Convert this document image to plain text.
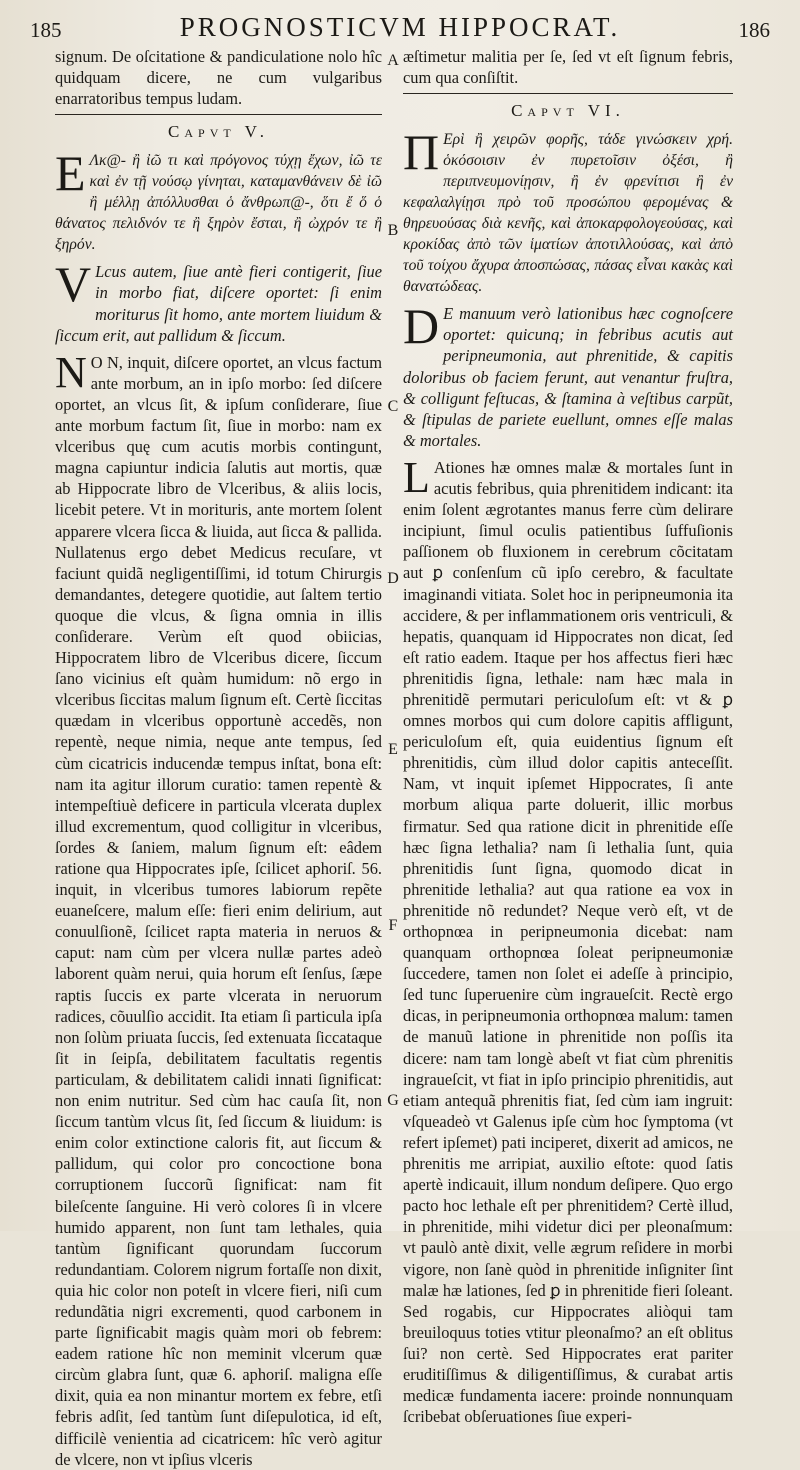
185	PROGNOSTICVM HIPPOCRAT.	186

signum. De oſcitatione & pandiculatione nolo hîc quidquam dicere, ne cum vulgaribus enarratoribus tempus ludam.

Capvt V.

E Λκ@- ἢ ἰῶ τι καὶ πρόγονος τύχῃ ἔχων, ἰῶ τε καὶ ἐν τῇ νούσῳ γίνηται, καταμανθάνειν δὲ ἰῶ ἢ μέλλῃ ἀπόλλυσθαι ὁ ἄνθρωπ@-, ὅτι ἔ ὅ ὁ θάνατος πελιδνόν τε ἢ ξηρὸν ἔσται, ἢ ὠχρόν τε ἢ ξηρόν.

V Lcus autem, ſiue antè fieri contigerit, ſiue in morbo fiat, diſcere oportet: ſi enim moriturus ſit homo, ante mortem liuidum & ſiccum erit, aut pallidum & ſiccum.

N O N, inquit, diſcere oportet, an vlcus factum ante morbum, an in ipſo morbo: ſed diſcere oportet, an vlcus ſit, & ipſum conſiderare, ſiue ante morbum factum ſit, ſiue in morbo: nam ex vlceribus quę cum acutis morbis contingunt, magna capiuntur indicia ſalutis aut mortis, quæ ab Hippocrate libro de Vlceribus, & aliis locis, licebit petere. Vt in morituris, ante mortem ſolent apparere vlcera ſicca & liuida, aut ſicca & pallida. Nullatenus ergo debet Medicus recuſare, vt faciunt quidã negligentiſſimi, id totum Chirurgis demandantes, detegere quotidie, aut ſaltem tertio quoque die vlcus, & ſigna omnia in illis conſiderare. Verùm eſt quod obiicias, Hippocratem libro de Vlceribus dicere, ſiccum ſano vicinius eſt quàm humidum: nõ ergo in vlceribus ſiccitas malum ſignum eſt. Certè ſiccitas quædam in vlceribus opportunè accedẽs, non repentè, neque nimia, neque ante tempus, ſed cùm cicatricis inducendæ tempus inſtat, bona eſt: nam ita agitur illorum curatio: tamen repentè & intempeſtiuè deficere in particula vlcerata duplex illud excrementum, quod colligitur in vlceribus, ſordes & ſaniem, malum ſignum eſt: eâdem ratione qua Hippocrates ipſe, ſcilicet aphoriſ. 56. inquit, in vlceribus tumores labiorum repẽte euaneſcere, malum eſſe: fieri enim delirium, aut conuulſionẽ, ſcilicet rapta materia in neruos & caput: nam cùm per vlcera nullæ partes adeò laborent quàm nerui, quia horum eſt ſenſus, ſæpe raptis ſuccis ex parte vlcerata in neruorum radices, cõuulſio accidit. Ita etiam ſi particula ipſa non ſolùm priuata ſuccis, ſed extenuata ſiccataque ſit in ſeipſa, debilitatem facultatis regentis particulam, & debilitatem calidi innati ſignificat: non enim nutritur. Sed cùm hac cauſa ſit, non ſiccum tantùm vlcus ſit, ſed ſiccum & liuidum: is enim color extinctione caloris fit, aut ſiccum & pallidum, qui color pro concoctione bona corruptionem ſuccorũ ſignificat: nam fit bileſcente ſanguine. Hi verò colores ſi in vlcere humido apparent, non ſunt tam lethales, quia tantùm ſignificant quorundam ſuccorum redundantiam. Colorem nigrum fortaſſe non dixit, quia hic color non poteſt in vlcere fieri, niſi cum redundãtia nigri excrementi, quod carbonem in parte ſignificabit magis quàm mori ob febrem: eadem ratione hîc non meminit vlcerum quæ circùm glabra ſunt, quæ 6. aphoriſ. maligna eſſe dixit, quia ea non minantur mortem ex febre, etſi febris adſit, ſed tantùm ſunt diſepulotica, id eſt, difficilè venientia ad cicatricem: hîc verò agitur de vlcere, non vt ipſius vlceris

æſtimetur malitia per ſe, ſed vt eſt ſignum febris, cum qua conſiſtit.

Capvt VI.

Π Ερὶ ἢ χειρῶν φορῆς, τάδε γινώσκειν χρή. ὁκόσοισιν ἐν πυρετοῖσιν ὀξέσι, ἢ περιπνευμονίῃσιν, ἢ ἐν φρενίτισι ἢ ἐν κεφαλαλγίῃσι πρὸ τοῦ προσώπου φερομένας & θηρευούσας διὰ κενῆς, καὶ ἀποκαρφολογεούσας, καὶ κροκίδας ἀπὸ τῶν ἱματίων ἀποτιλλούσας, καὶ ἀπὸ τοῦ τοίχου ἄχυρα ἀποσπώσας, πάσας εἶναι κακὰς καὶ θανατώδεας.

D E manuum verò lationibus hæc cognoſcere oportet: quicunq; in febribus acutis aut peripneumonia, aut phrenitide, & capitis doloribus ob faciem ferunt, aut venantur fruſtra, & colligunt feſtucas, & ſtamina à veſtibus carpũt, & ſtipulas de pariete euellunt, omnes eſſe malas & mortales.

L Ationes hæ omnes malæ & mortales ſunt in acutis febribus, quia phrenitidem indicant: ita enim ſolent ægrotantes manus ferre cùm delirare incipiunt, ſimul oculis patientibus ſuffuſionis paſſionem ob fluxionem in cerebrum cõcitatam aut ꝑ conſenſum cũ ipſo cerebro, & facultate imaginandi vitiata. Solet hoc in peripneumonia ita accidere, & per inflammationem oris ventriculi, & hepatis, quanquam id Hippocrates non dicat, ſed eſt ratio eadem. Itaque per hos affectus fieri hæc phrenitidis ſigna, lethale: nam hæc mala in phrenitidẽ permutari periculoſum eſt: vt & ꝑ omnes morbos qui cum dolore capitis affligunt, periculoſum eſt, quia euidentius ſignum eſt phrenitidis, cùm illud dolor capitis anteceſſit. Nam, vt inquit ipſemet Hippocrates, ſi ante morbum aliqua parte doluerit, illic morbus firmatur. Sed qua ratione dicit in phrenitide eſſe hæc ſigna lethalia? nam ſi lethalia ſunt, quia phrenitidis ſunt ſigna, quomodo dicat in phrenitide lethalia? aut qua ratione ea vox in phrenitide nõ redundet? Neque verò eſt, vt de orthopnœa in peripneumonia dicebat: nam quanquam orthopnœa ſoleat peripneumoniæ ſuccedere, tamen non ſolet ei adeſſe à principio, ſed tunc ſuperuenire cùm ingraueſcit. Rectè ergo dicas, in peripneumonia orthopnœa malum: tamen de manuũ latione in phrenitide non poſſis ita dicere: nam tam longè abeſt vt fiat cùm phrenitis ingraueſcit, vt fiat in ipſo principio phrenitidis, aut etiam antequã phrenitis fiat, ſed cùm iam ingruit: vſqueadeò vt Galenus ipſe cùm hoc ſymptoma (vt refert ipſemet) pati inciperet, dixerit ad amicos, ne phrenitis me arripiat, auxilio eſtote: quod ſatis apertè indicauit, illum nondum deſipere. Quo ergo pacto hoc lethale eſt per phrenitidem? Certè illud, in phrenitide, mihi videtur dici per pleonaſmum: vt paulò antè dixit, velle ægrum reſidere in morbi vigore, non ſanè quòd in phrenitide inſigniter ſint malæ hæ lationes, ſed ꝑ in phrenitide fieri ſoleant. Sed rogabis, cur Hippocrates aliòqui tam breuiloquus toties vtitur pleonaſmo? an eſt oblitus ſui? non certè. Sed Hippocrates erat pariter eruditiſſimus & diligentiſſimus, & curabat artis medicæ fundamenta iacere: proinde nonnunquam ſcribebat obſeruationes ſiue experi-

A
B
C
D
E
F
G
